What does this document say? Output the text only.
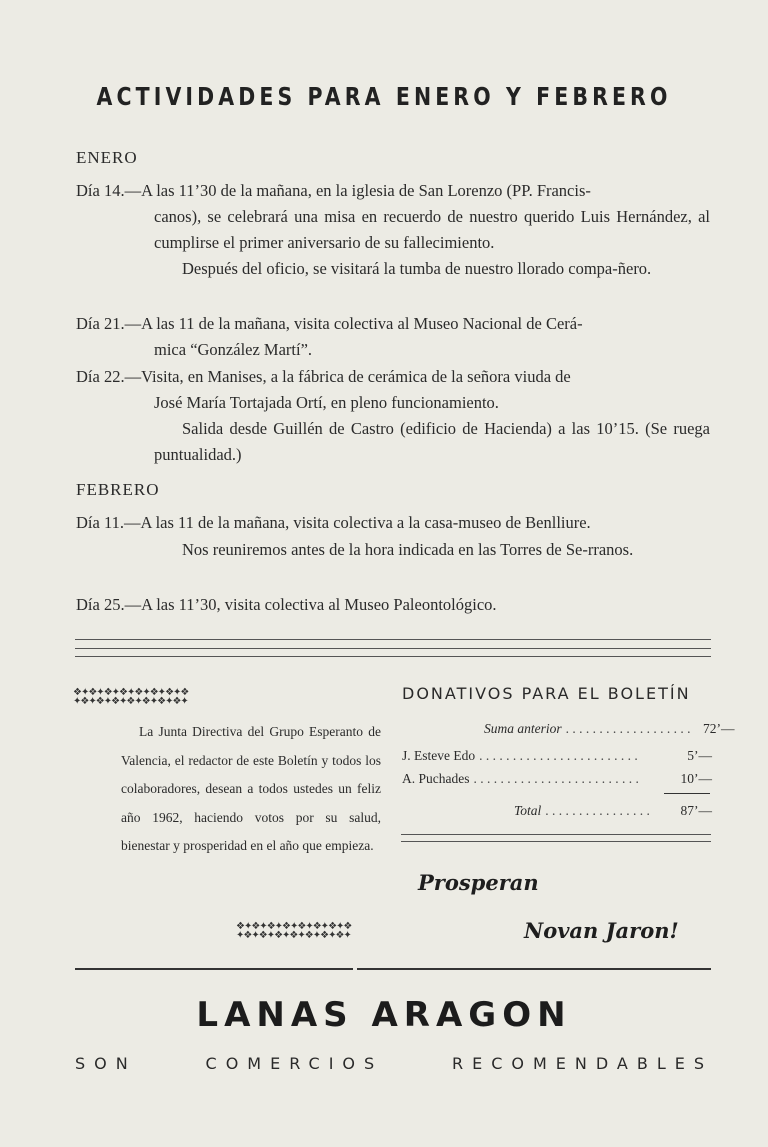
ACTIVIDADES PARA ENERO Y FEBRERO
ENERO
Día 14.—A las 11’30 de la mañana, en la iglesia de San Lorenzo (PP. Francis-
canos), se celebrará una misa en recuerdo de nuestro querido Luis Hernández, al cumplirse el primer aniversario de su fallecimiento.
Después del oficio, se visitará la tumba de nuestro llorado compa-ñero.
Día 21.—A las 11 de la mañana, visita colectiva al Museo Nacional de Cerá-
mica “González Martí”.
Día 22.—Visita, en Manises, a la fábrica de cerámica de la señora viuda de
José María Tortajada Ortí, en pleno funcionamiento.
Salida desde Guillén de Castro (edificio de Hacienda) a las 10’15. (Se ruega puntualidad.)
FEBRERO
Día 11.—A las 11 de la mañana, visita colectiva a la casa-museo de Benlliure.
Nos reuniremos antes de la hora indicada en las Torres de Se-rranos.
Día 25.—A las 11’30, visita colectiva al Museo Paleontológico.
❖✦❖✦❖✦❖✦❖✦❖✦❖✦❖
✦❖✦❖✦❖✦❖✦❖✦❖✦❖✦
La Junta Directiva del Grupo Esperanto de Valencia, el redactor de este Boletín y todos los colaboradores, desean a todos ustedes un feliz año 1962, haciendo votos por su salud, bienestar y prosperidad en el año que empieza.
❖✦❖✦❖✦❖✦❖✦❖✦❖✦❖
✦❖✦❖✦❖✦❖✦❖✦❖✦❖✦
DONATIVOS PARA EL BOLETÍN
Suma anterior . . . . . . . . . . . . . . . . . . . 72’—
J. Esteve Edo . . . . . . . . . . . . . . . . . . . . . . . .	5’—
A. Puchades . . . . . . . . . . . . . . . . . . . . . . . . .	10’—
Total . . . . . . . . . . . . . . . .	87’—
Prosperan
Novan Jaron!
LANAS ARAGON
SON	COMERCIOS	RECOMENDABLES
